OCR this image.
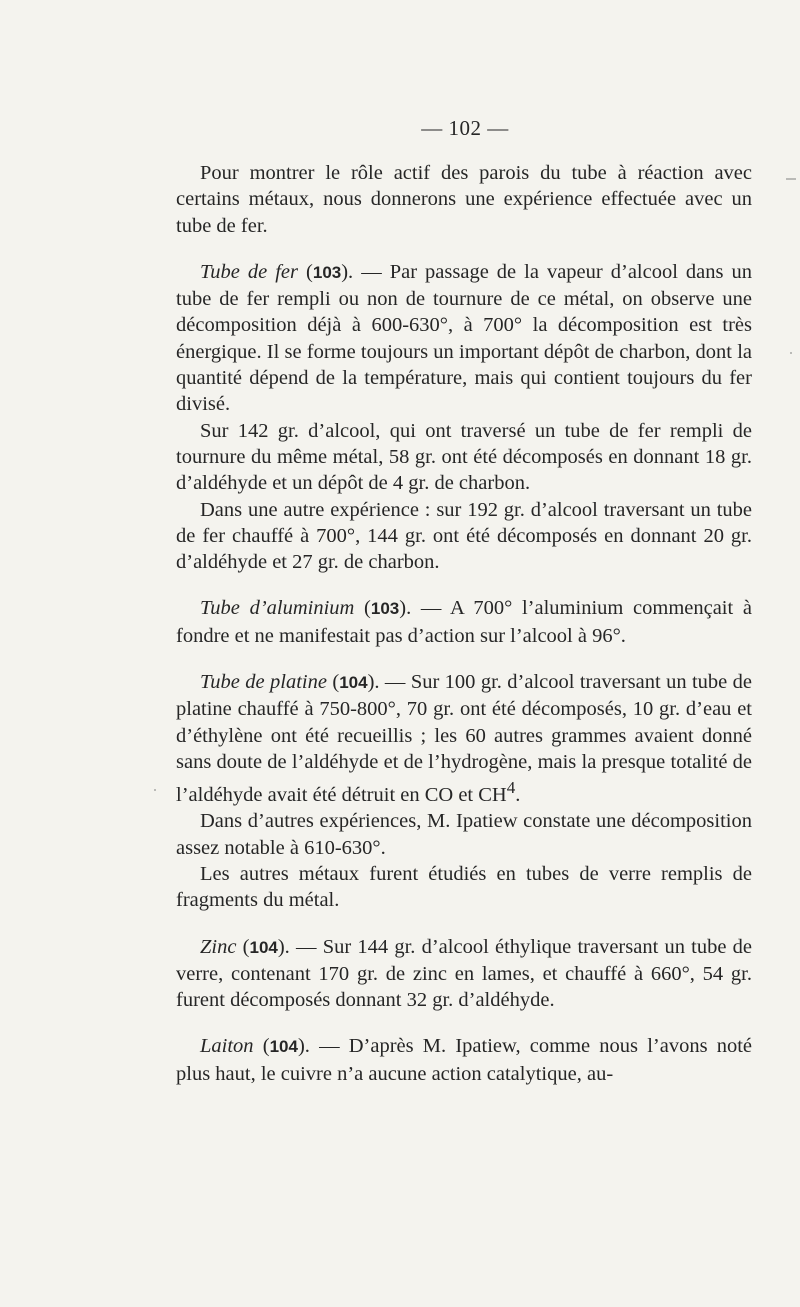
— 102 —

Pour montrer le rôle actif des parois du tube à réaction avec certains métaux, nous donnerons une expérience effectuée avec un tube de fer.

Tube de fer (103). — Par passage de la vapeur d’alcool dans un tube de fer rempli ou non de tournure de ce métal, on observe une décomposition déjà à 600-630°, à 700° la décomposition est très énergique. Il se forme toujours un important dépôt de charbon, dont la quantité dépend de la température, mais qui contient toujours du fer divisé.

Sur 142 gr. d’alcool, qui ont traversé un tube de fer rempli de tournure du même métal, 58 gr. ont été décomposés en donnant 18 gr. d’aldéhyde et un dépôt de 4 gr. de charbon.

Dans une autre expérience : sur 192 gr. d’alcool traversant un tube de fer chauffé à 700°, 144 gr. ont été décomposés en donnant 20 gr. d’aldéhyde et 27 gr. de charbon.

Tube d’aluminium (103). — A 700° l’aluminium commençait à fondre et ne manifestait pas d’action sur l’alcool à 96°.

Tube de platine (104). — Sur 100 gr. d’alcool traversant un tube de platine chauffé à 750-800°, 70 gr. ont été décomposés, 10 gr. d’eau et d’éthylène ont été recueillis ; les 60 autres grammes avaient donné sans doute de l’aldéhyde et de l’hydrogène, mais la presque totalité de l’aldéhyde avait été détruit en CO et $CH^4$.

Dans d’autres expériences, M. Ipatiew constate une décomposition assez notable à 610-630°.

Les autres métaux furent étudiés en tubes de verre remplis de fragments du métal.

Zinc (104). — Sur 144 gr. d’alcool éthylique traversant un tube de verre, contenant 170 gr. de zinc en lames, et chauffé à 660°, 54 gr. furent décomposés donnant 32 gr. d’aldéhyde.

Laiton (104). — D’après M. Ipatiew, comme nous l’avons noté plus haut, le cuivre n’a aucune action catalytique, au-
